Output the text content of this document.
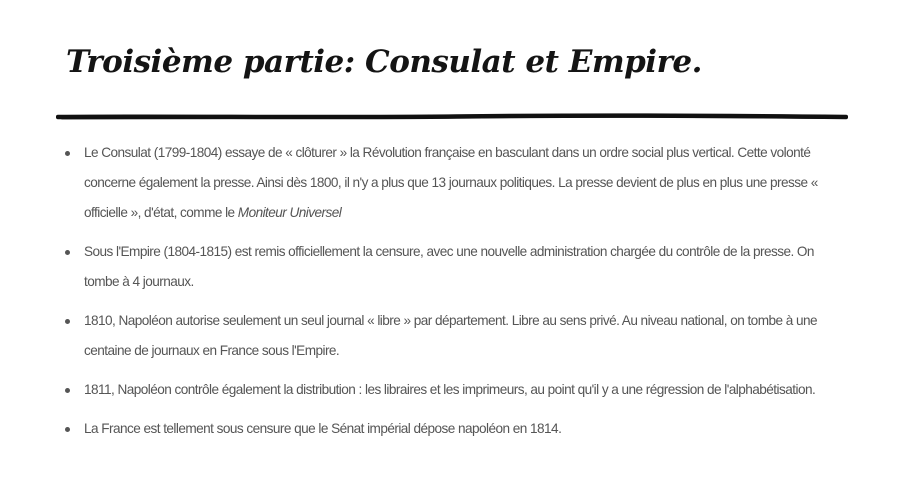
Troisième partie: Consulat et Empire.
Le Consulat (1799-1804) essaye de « clôturer » la Révolution française en basculant dans un ordre social plus vertical. Cette volonté concerne également la presse. Ainsi dès 1800, il n'y a plus que 13 journaux politiques. La presse devient de plus en plus une presse « officielle », d'état, comme le Moniteur Universel
Sous l'Empire (1804-1815) est remis officiellement la censure, avec une nouvelle administration chargée du contrôle de la presse. On tombe à 4 journaux.
1810, Napoléon autorise seulement un seul journal « libre » par département. Libre au sens privé. Au niveau national, on tombe à une centaine de journaux en France sous l'Empire.
1811, Napoléon contrôle également la distribution : les libraires et les imprimeurs, au point qu'il y a une régression de l'alphabétisation.
La France est tellement sous censure que le Sénat impérial dépose napoléon en 1814.
